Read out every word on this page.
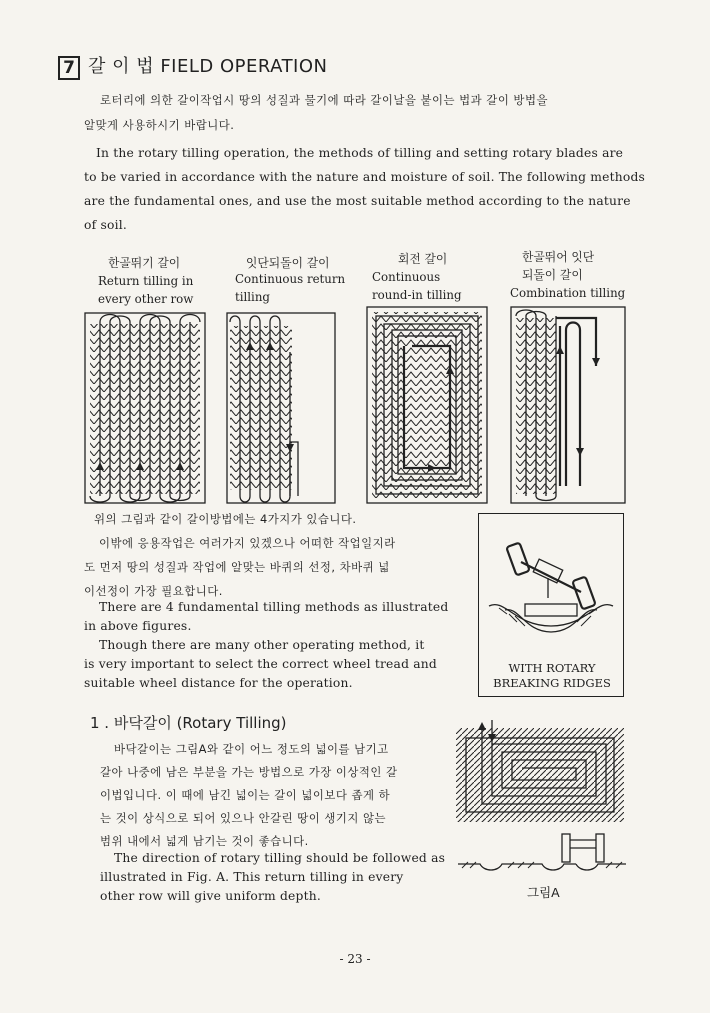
7 갈 이 법 FIELD OPERATION
로터리에 의한 갈이작업시 땅의 성질과 물기에 따라 갈이날을 붙이는 법과 갈이 방법을
알맞게 사용하시기 바랍니다.
In the rotary tilling operation, the methods of tilling and setting rotary blades are
to be varied in accordance with the nature and moisture of soil. The following methods
are the fundamental ones, and use the most suitable method according to the nature
of soil.
한골뛰기 갈이
Return tilling in
every other row
잇단되돌이 갈이
Continuous return
tilling
회전 갈이
Continuous
round-in tilling
한골뛰어 잇단
되돌이 갈이
Combination tilling
위의 그림과 같이 갈이방법에는 4가지가 있습니다.
이밖에 응용작업은 여러가지 있겠으나 어떠한 작업일지라
도 먼저 땅의 성질과 작업에 알맞는 바퀴의 선정, 차바퀴 넓
이선정이 가장 필요합니다.
There are 4 fundamental tilling methods as illustrated
in above figures.
Though there are many other operating method, it
is very important to select the correct wheel tread and
suitable wheel distance for the operation.
WITH ROTARY
BREAKING RIDGES
1 . 바닥갈이 (Rotary Tilling)
바닥갈이는 그림A와 같이 어느 정도의 넓이를 남기고
갈아 나중에 남은 부분을 가는 방법으로 가장 이상적인 갈
이법입니다. 이 때에 남긴 넓이는 갈이 넓이보다 좁게 하
는 것이 상식으로 되어 있으나 안갈린 땅이 생기지 않는
범위 내에서 넓게 남기는 것이 좋습니다.
The direction of rotary tilling should be followed as
illustrated in Fig. A. This return tilling in every
other row will give uniform depth.	그림A
- 23 -
